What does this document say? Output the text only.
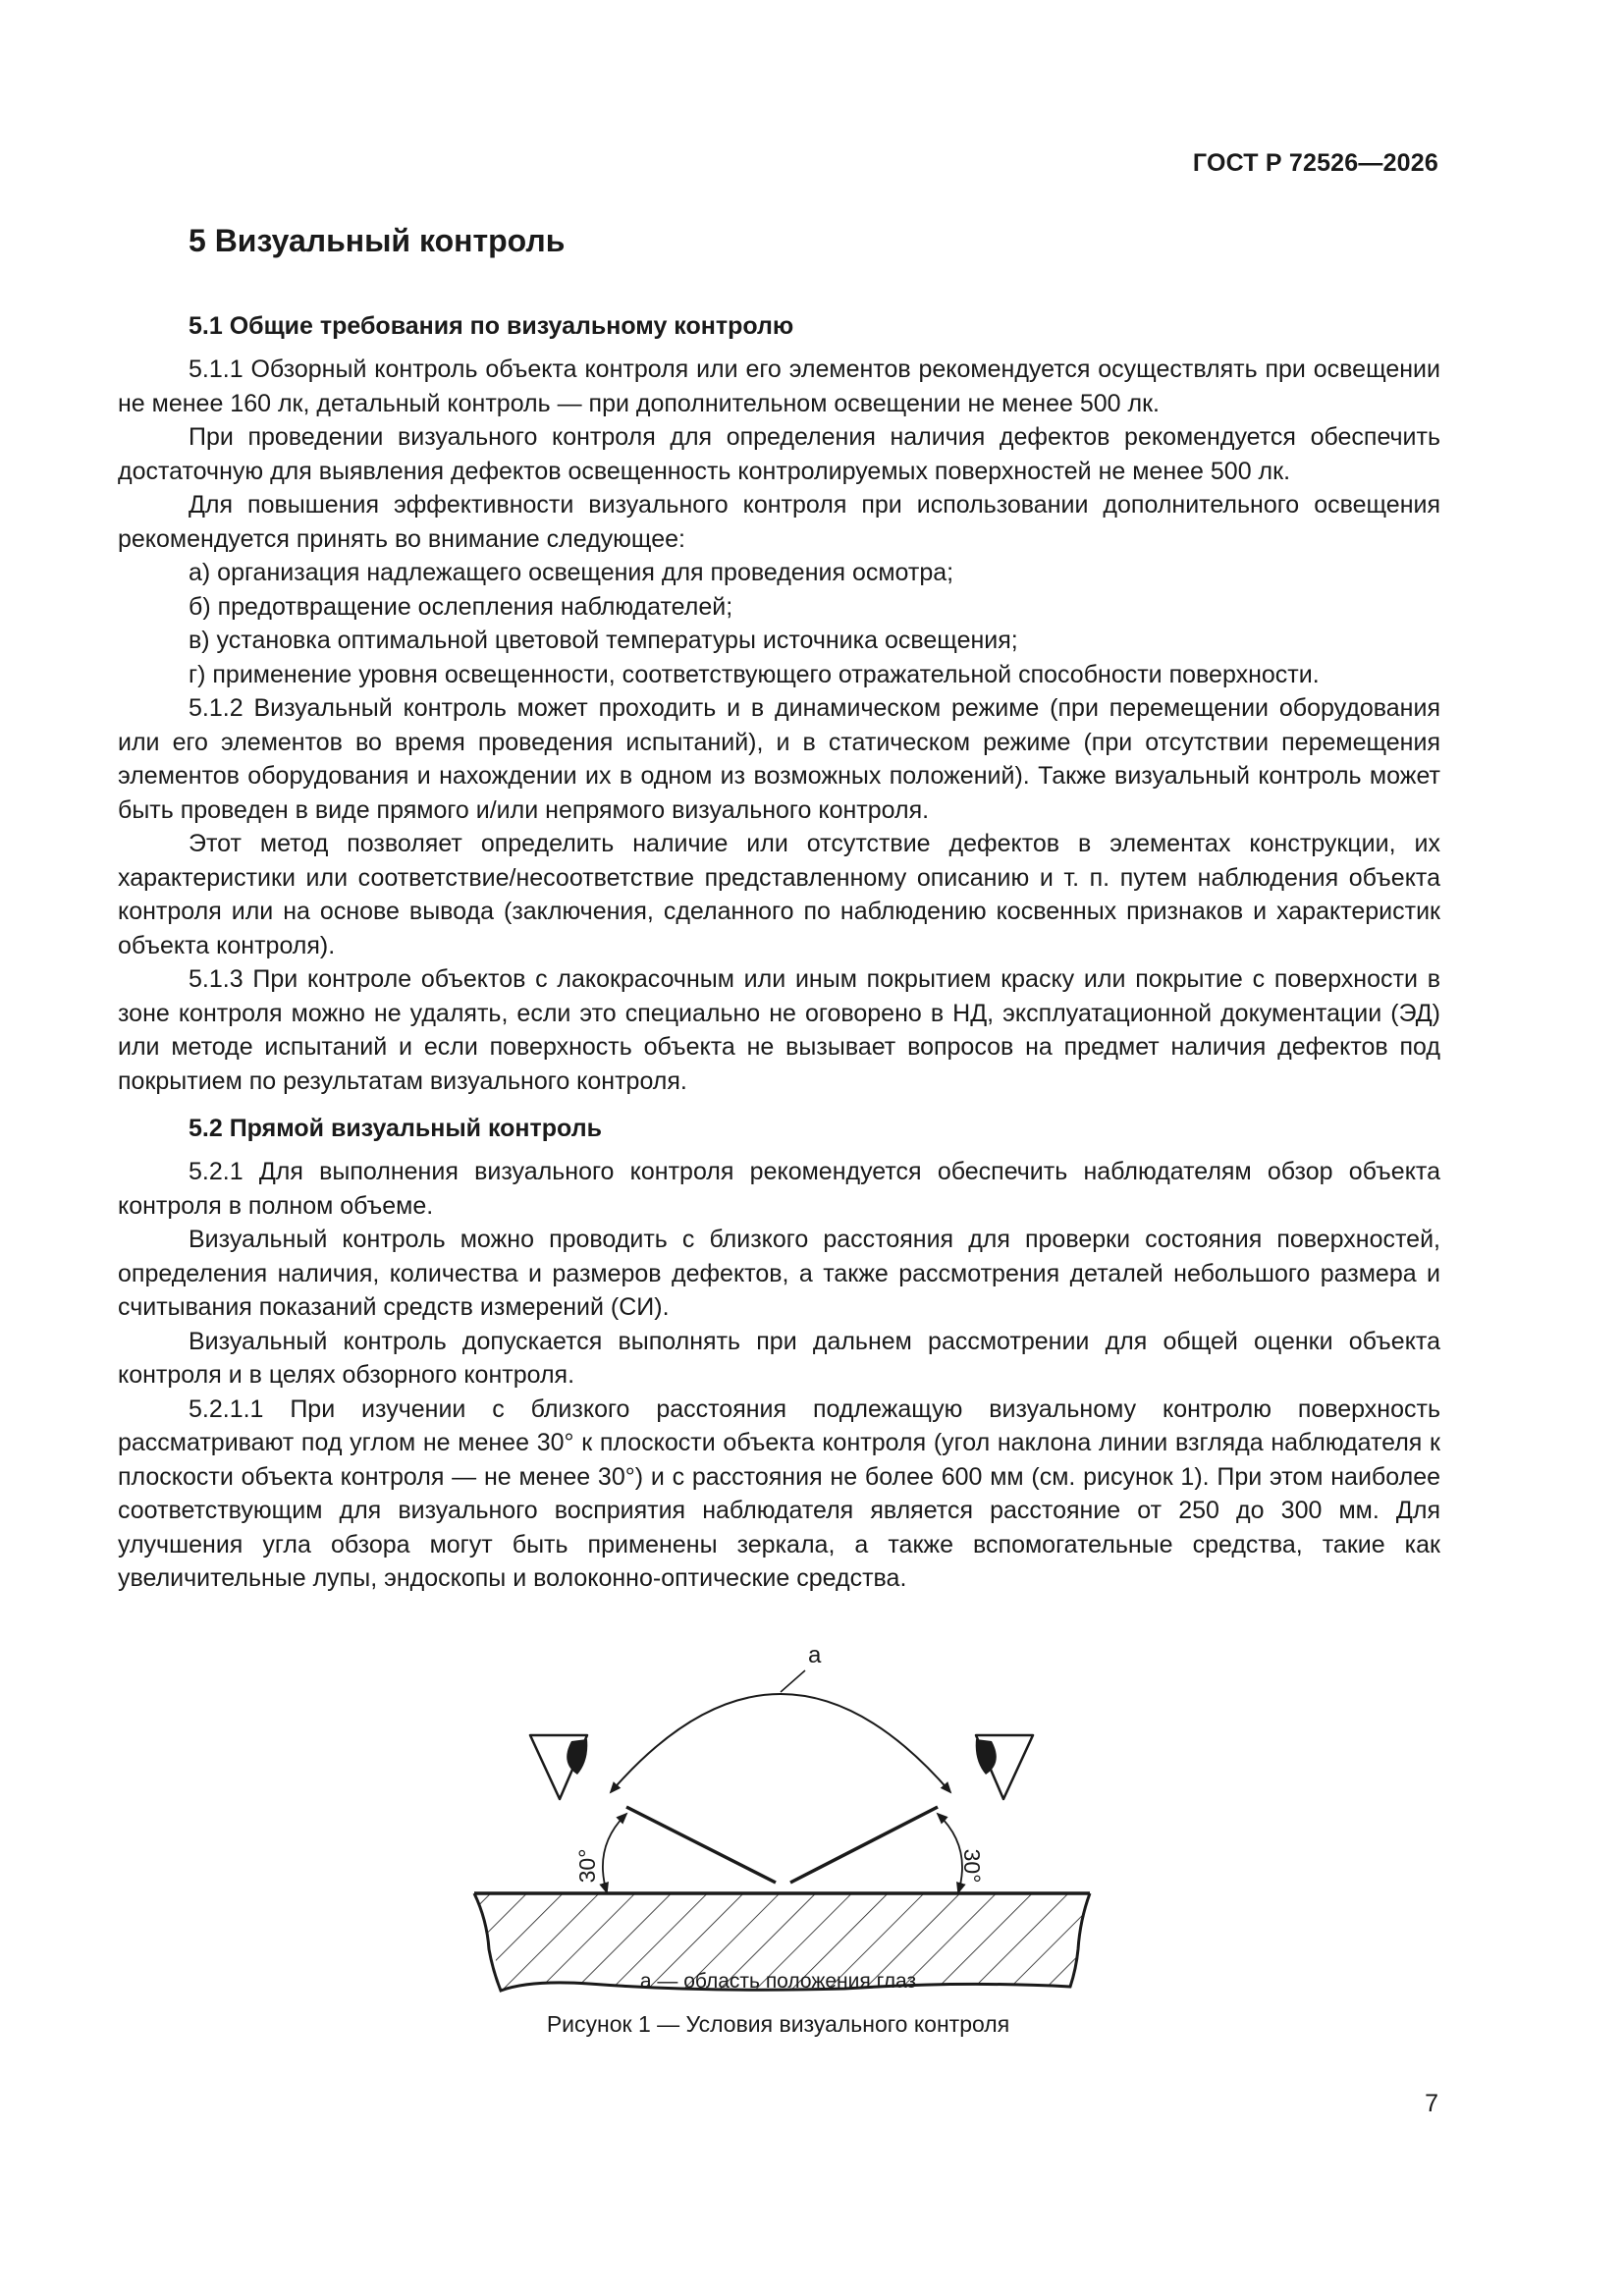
ГОСТ Р 72526—2026
5 Визуальный контроль
5.1 Общие требования по визуальному контролю

5.1.1 Обзорный контроль объекта контроля или его элементов рекомендуется осуществлять при освещении не менее 160 лк, детальный контроль — при дополнительном освещении не менее 500 лк.

При проведении визуального контроля для определения наличия дефектов рекомендуется обеспечить достаточную для выявления дефектов освещенность контролируемых поверхностей не менее 500 лк.

Для повышения эффективности визуального контроля при использовании дополнительного освещения рекомендуется принять во внимание следующее:

а) организация надлежащего освещения для проведения осмотра;

б) предотвращение ослепления наблюдателей;

в) установка оптимальной цветовой температуры источника освещения;

г) применение уровня освещенности, соответствующего отражательной способности поверхности.

5.1.2 Визуальный контроль может проходить и в динамическом режиме (при перемещении оборудования или его элементов во время проведения испытаний), и в статическом режиме (при отсутствии перемещения элементов оборудования и нахождении их в одном из возможных положений). Также визуальный контроль может быть проведен в виде прямого и/или непрямого визуального контроля.

Этот метод позволяет определить наличие или отсутствие дефектов в элементах конструкции, их характеристики или соответствие/несоответствие представленному описанию и т. п. путем наблюдения объекта контроля или на основе вывода (заключения, сделанного по наблюдению косвенных признаков и характеристик объекта контроля).

5.1.3 При контроле объектов с лакокрасочным или иным покрытием краску или покрытие с поверхности в зоне контроля можно не удалять, если это специально не оговорено в НД, эксплуатационной документации (ЭД) или методе испытаний и если поверхность объекта не вызывает вопросов на предмет наличия дефектов под покрытием по результатам визуального контроля.

5.2 Прямой визуальный контроль

5.2.1 Для выполнения визуального контроля рекомендуется обеспечить наблюдателям обзор объекта контроля в полном объеме.

Визуальный контроль можно проводить с близкого расстояния для проверки состояния поверхностей, определения наличия, количества и размеров дефектов, а также рассмотрения деталей небольшого размера и считывания показаний средств измерений (СИ).

Визуальный контроль допускается выполнять при дальнем рассмотрении для общей оценки объекта контроля и в целях обзорного контроля.

5.2.1.1 При изучении с близкого расстояния подлежащую визуальному контролю поверхность рассматривают под углом не менее 30° к плоскости объекта контроля (угол наклона линии взгляда наблюдателя к плоскости объекта контроля — не менее 30°) и с расстояния не более 600 мм (см. рисунок 1). При этом наиболее соответствующим для визуального восприятия наблюдателя является расстояние от 250 до 300 мм. Для улучшения угла обзора могут быть применены зеркала, а также вспомогательные средства, такие как увеличительные лупы, эндоскопы и волоконно-оптические средства.

a
30°	30°
a — область положения глаз
Рисунок 1 — Условия визуального контроля
7
